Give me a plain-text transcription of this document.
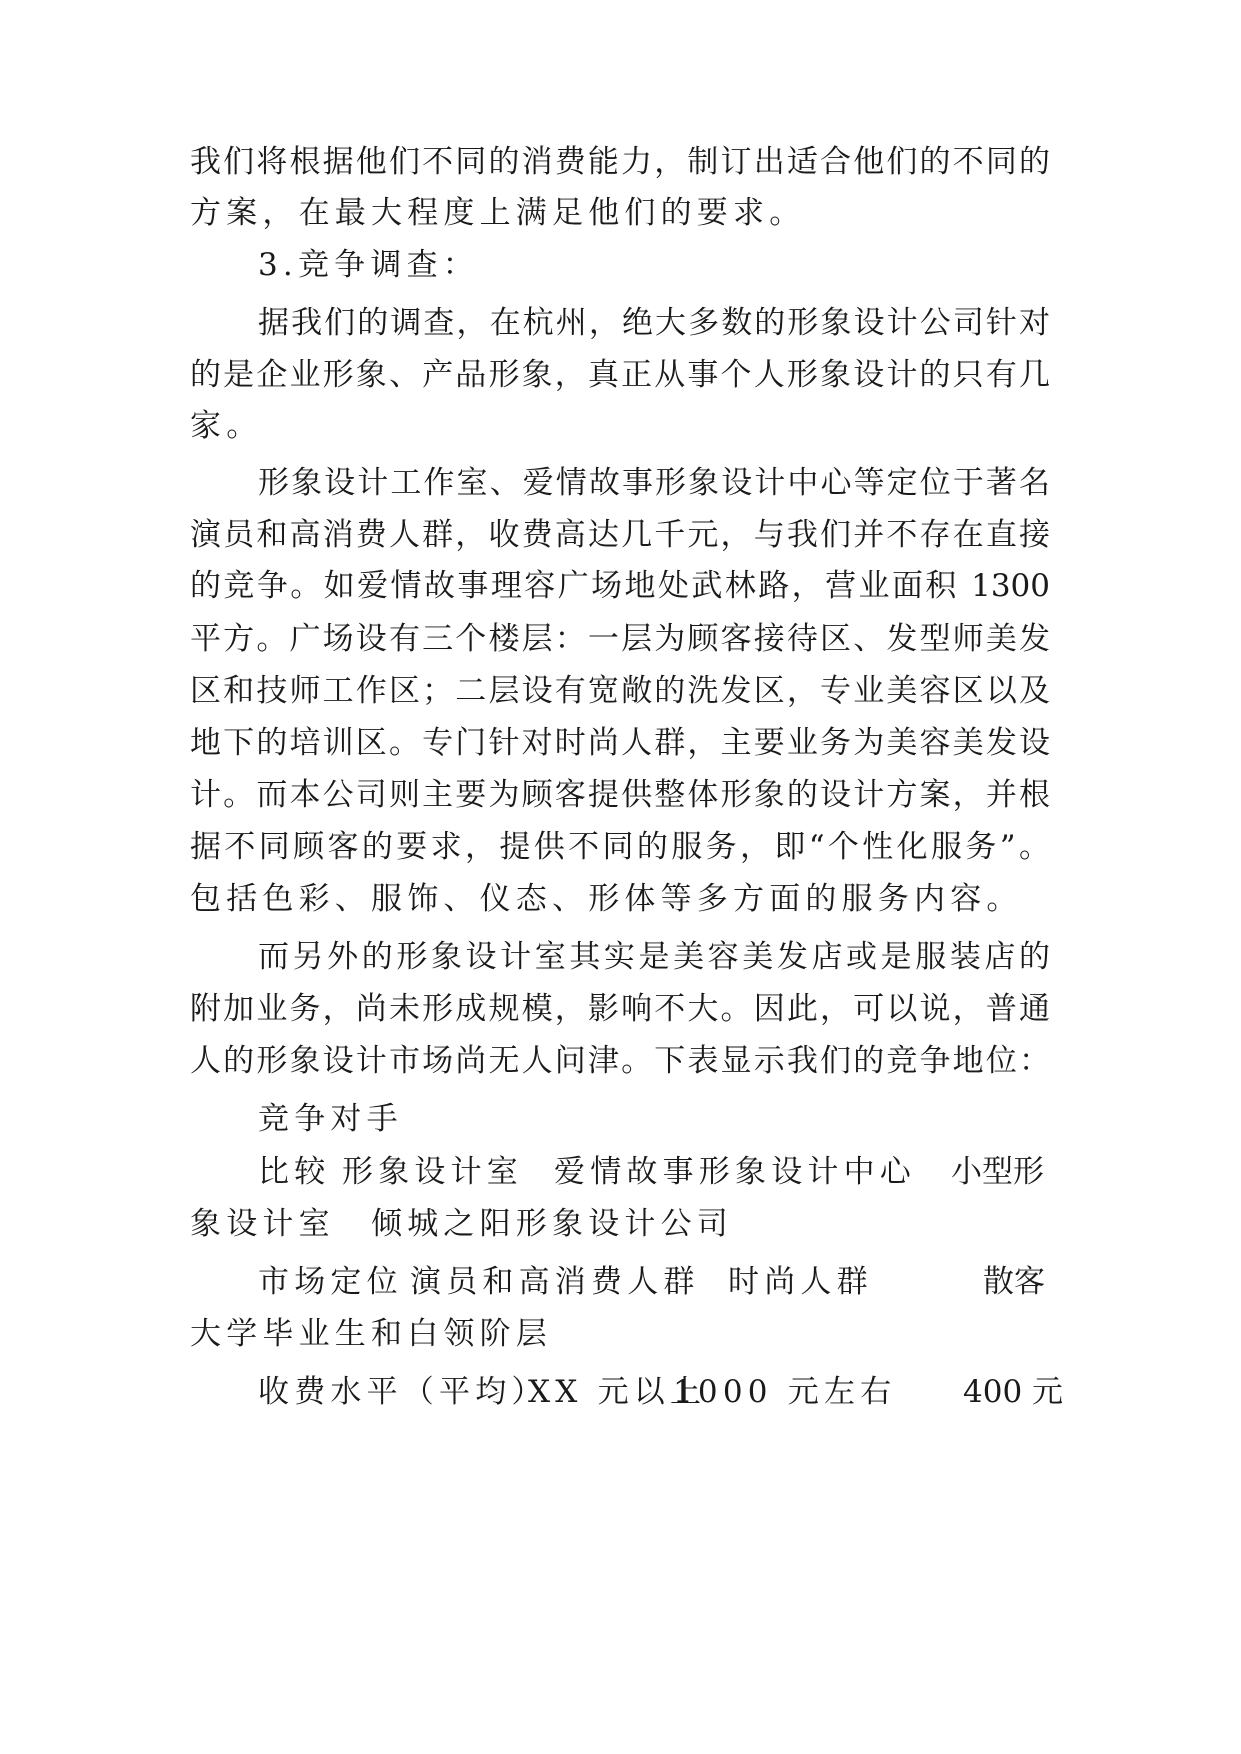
我们将根据他们不同的消费能力，制订出适合他们的不同的
方案，在最大程度上满足他们的要求。
3.竞争调查：
据我们的调查，在杭州，绝大多数的形象设计公司针对
的是企业形象、产品形象，真正从事个人形象设计的只有几
家。
形象设计工作室、爱情故事形象设计中心等定位于著名
演员和高消费人群，收费高达几千元，与我们并不存在直接
的竞争。如爱情故事理容广场地处武林路，营业面积 1300
平方。广场设有三个楼层：一层为顾客接待区、发型师美发
区和技师工作区；二层设有宽敞的洗发区，专业美容区以及
地下的培训区。专门针对时尚人群，主要业务为美容美发设
计。而本公司则主要为顾客提供整体形象的设计方案，并根
据不同顾客的要求，提供不同的服务，即“个性化服务”。
包括色彩、服饰、仪态、形体等多方面的服务内容。
而另外的形象设计室其实是美容美发店或是服装店的
附加业务，尚未形成规模，影响不大。因此，可以说，普通
人的形象设计市场尚无人问津。下表显示我们的竞争地位：
竞争对手
比较 形象设计室 爱情故事形象设计中心 小型形
象设计室　倾城之阳形象设计公司
市场定位 演员和高消费人群 时尚人群	散客
大学毕业生和白领阶层
收费水平（平均）
XX 元以上
1000 元左右 400 元
